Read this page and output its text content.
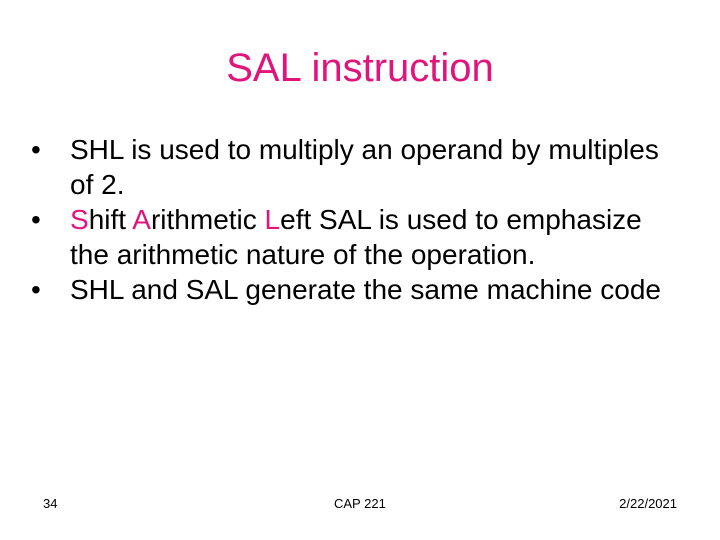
SAL instruction
• SHL is used to multiply an operand by multiples of 2.
• Shift Arithmetic Left SAL is used to emphasize the arithmetic nature of the operation.
• SHL and SAL generate the same machine code
34	CAP 221	2/22/2021
